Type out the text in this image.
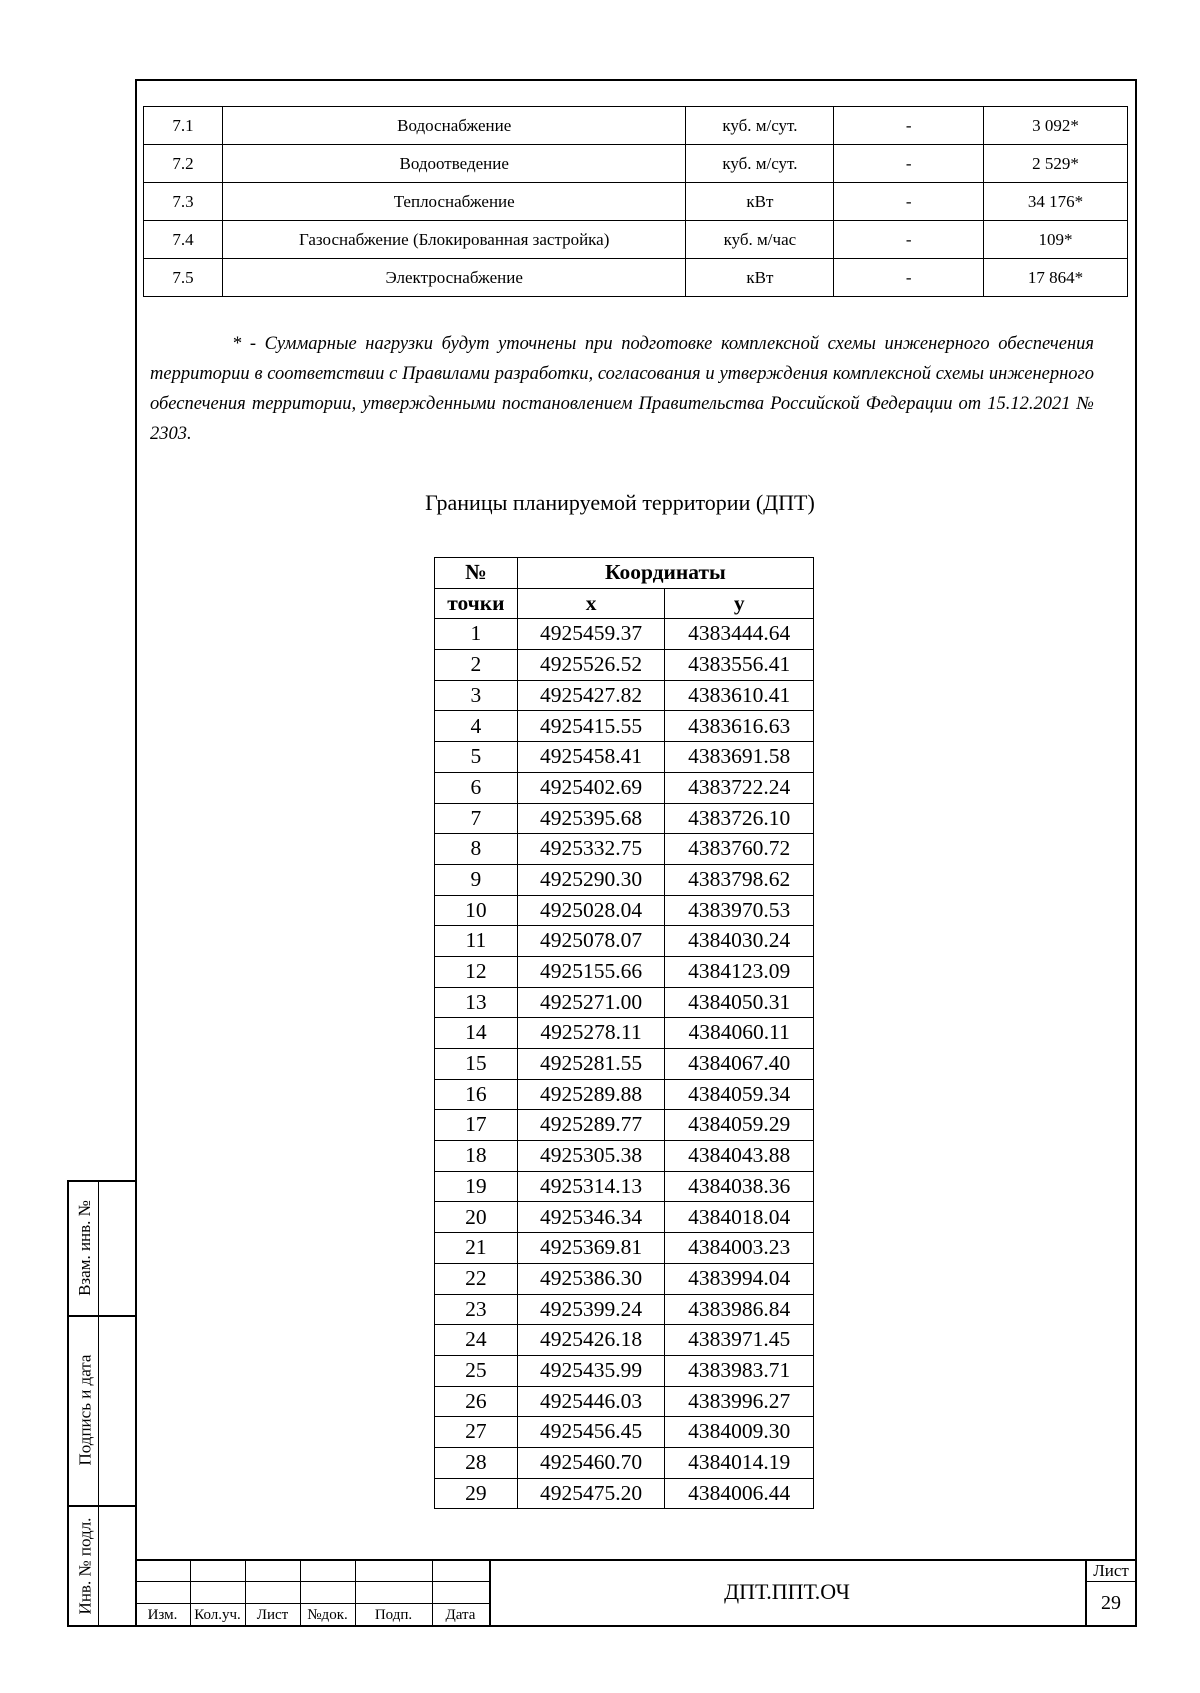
7.1	Водоснабжение	куб. м/сут.	-	3 092*
7.2	Водоотведение	куб. м/сут.	-	2 529*
7.3	Теплоснабжение	кВт	-	34 176*
7.4	Газоснабжение (Блокированная застройка)	куб. м/час	-	109*
7.5	Электроснабжение	кВт	-	17 864*
* - Суммарные нагрузки будут уточнены при подготовке комплексной схемы инженерного обеспечения территории в соответствии с Правилами разработки, согласования и утверждения комплексной схемы инженерного обеспечения территории, утвержденными постановлением Правительства Российской Федерации от 15.12.2021 № 2303.
Границы планируемой территории (ДПТ)
№	Координаты	
точки	x	y
1	4925459.37	4383444.64
2	4925526.52	4383556.41
3	4925427.82	4383610.41
4	4925415.55	4383616.63
5	4925458.41	4383691.58
6	4925402.69	4383722.24
7	4925395.68	4383726.10
8	4925332.75	4383760.72
9	4925290.30	4383798.62
10	4925028.04	4383970.53
11	4925078.07	4384030.24
12	4925155.66	4384123.09
13	4925271.00	4384050.31
14	4925278.11	4384060.11
15	4925281.55	4384067.40
16	4925289.88	4384059.34
17	4925289.77	4384059.29
18	4925305.38	4384043.88
19	4925314.13	4384038.36
20	4925346.34	4384018.04
21	4925369.81	4384003.23
22	4925386.30	4383994.04
23	4925399.24	4383986.84
24	4925426.18	4383971.45
25	4925435.99	4383983.71
26	4925446.03	4383996.27
27	4925456.45	4384009.30
28	4925460.70	4384014.19
29	4925475.20	4384006.44
Взам. инв. №
Подпись и дата
Инв. № подл.
Изм.	Кол.уч.	Лист	№док.	Подп.	Дата
ДПТ.ППТ.ОЧ
Лист
29
